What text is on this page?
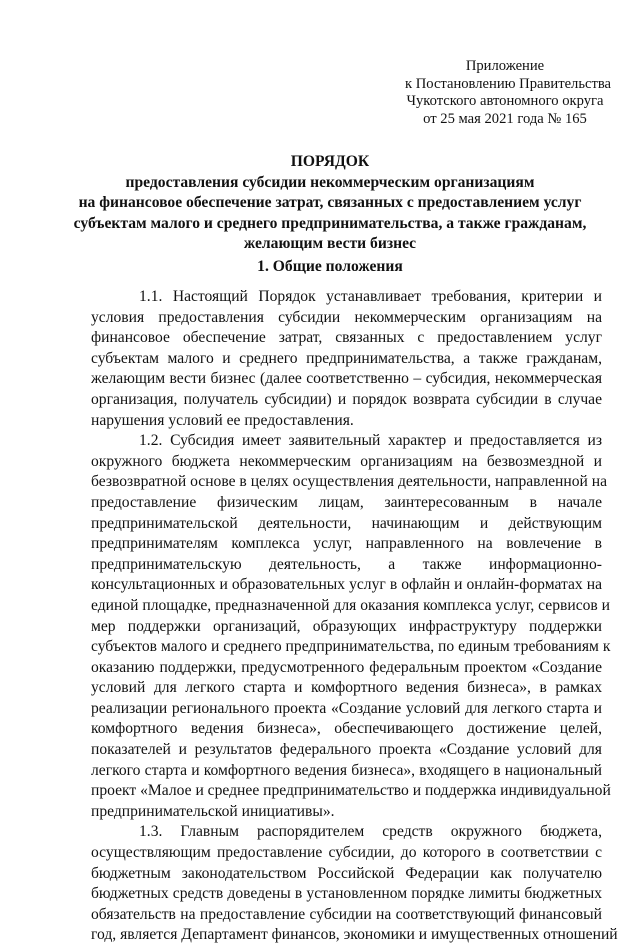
Приложение
к Постановлению Правительства
Чукотского автономного округа
от 25 мая 2021 года № 165
ПОРЯДОК
предоставления субсидии некоммерческим организациям
на финансовое обеспечение затрат, связанных с предоставлением услуг
субъектам малого и среднего предпринимательства, а также гражданам,
желающим вести бизнес
1. Общие положения
1.1. Настоящий Порядок устанавливает требования, критерии и
условия предоставления субсидии некоммерческим организациям на
финансовое обеспечение затрат, связанных с предоставлением услуг
субъектам малого и среднего предпринимательства, а также гражданам,
желающим вести бизнес (далее соответственно – субсидия, некоммерческая
организация, получатель субсидии) и порядок возврата субсидии в случае
нарушения условий ее предоставления.
1.2. Субсидия имеет заявительный характер и предоставляется из
окружного бюджета некоммерческим организациям на безвозмездной и
безвозвратной основе в целях осуществления деятельности, направленной на
предоставление физическим лицам, заинтересованным в начале
предпринимательской деятельности, начинающим и действующим
предпринимателям комплекса услуг, направленного на вовлечение в
предпринимательскую деятельность, а также информационно-
консультационных и образовательных услуг в офлайн и онлайн-форматах на
единой площадке, предназначенной для оказания комплекса услуг, сервисов и
мер поддержки организаций, образующих инфраструктуру поддержки
субъектов малого и среднего предпринимательства, по единым требованиям к
оказанию поддержки, предусмотренного федеральным проектом «Создание
условий для легкого старта и комфортного ведения бизнеса», в рамках
реализации регионального проекта «Создание условий для легкого старта и
комфортного ведения бизнеса», обеспечивающего достижение целей,
показателей и результатов федерального проекта «Создание условий для
легкого старта и комфортного ведения бизнеса», входящего в национальный
проект «Малое и среднее предпринимательство и поддержка индивидуальной
предпринимательской инициативы».
1.3. Главным распорядителем средств окружного бюджета,
осуществляющим предоставление субсидии, до которого в соответствии с
бюджетным законодательством Российской Федерации как получателю
бюджетных средств доведены в установленном порядке лимиты бюджетных
обязательств на предоставление субсидии на соответствующий финансовый
год, является Департамент финансов, экономики и имущественных отношений
